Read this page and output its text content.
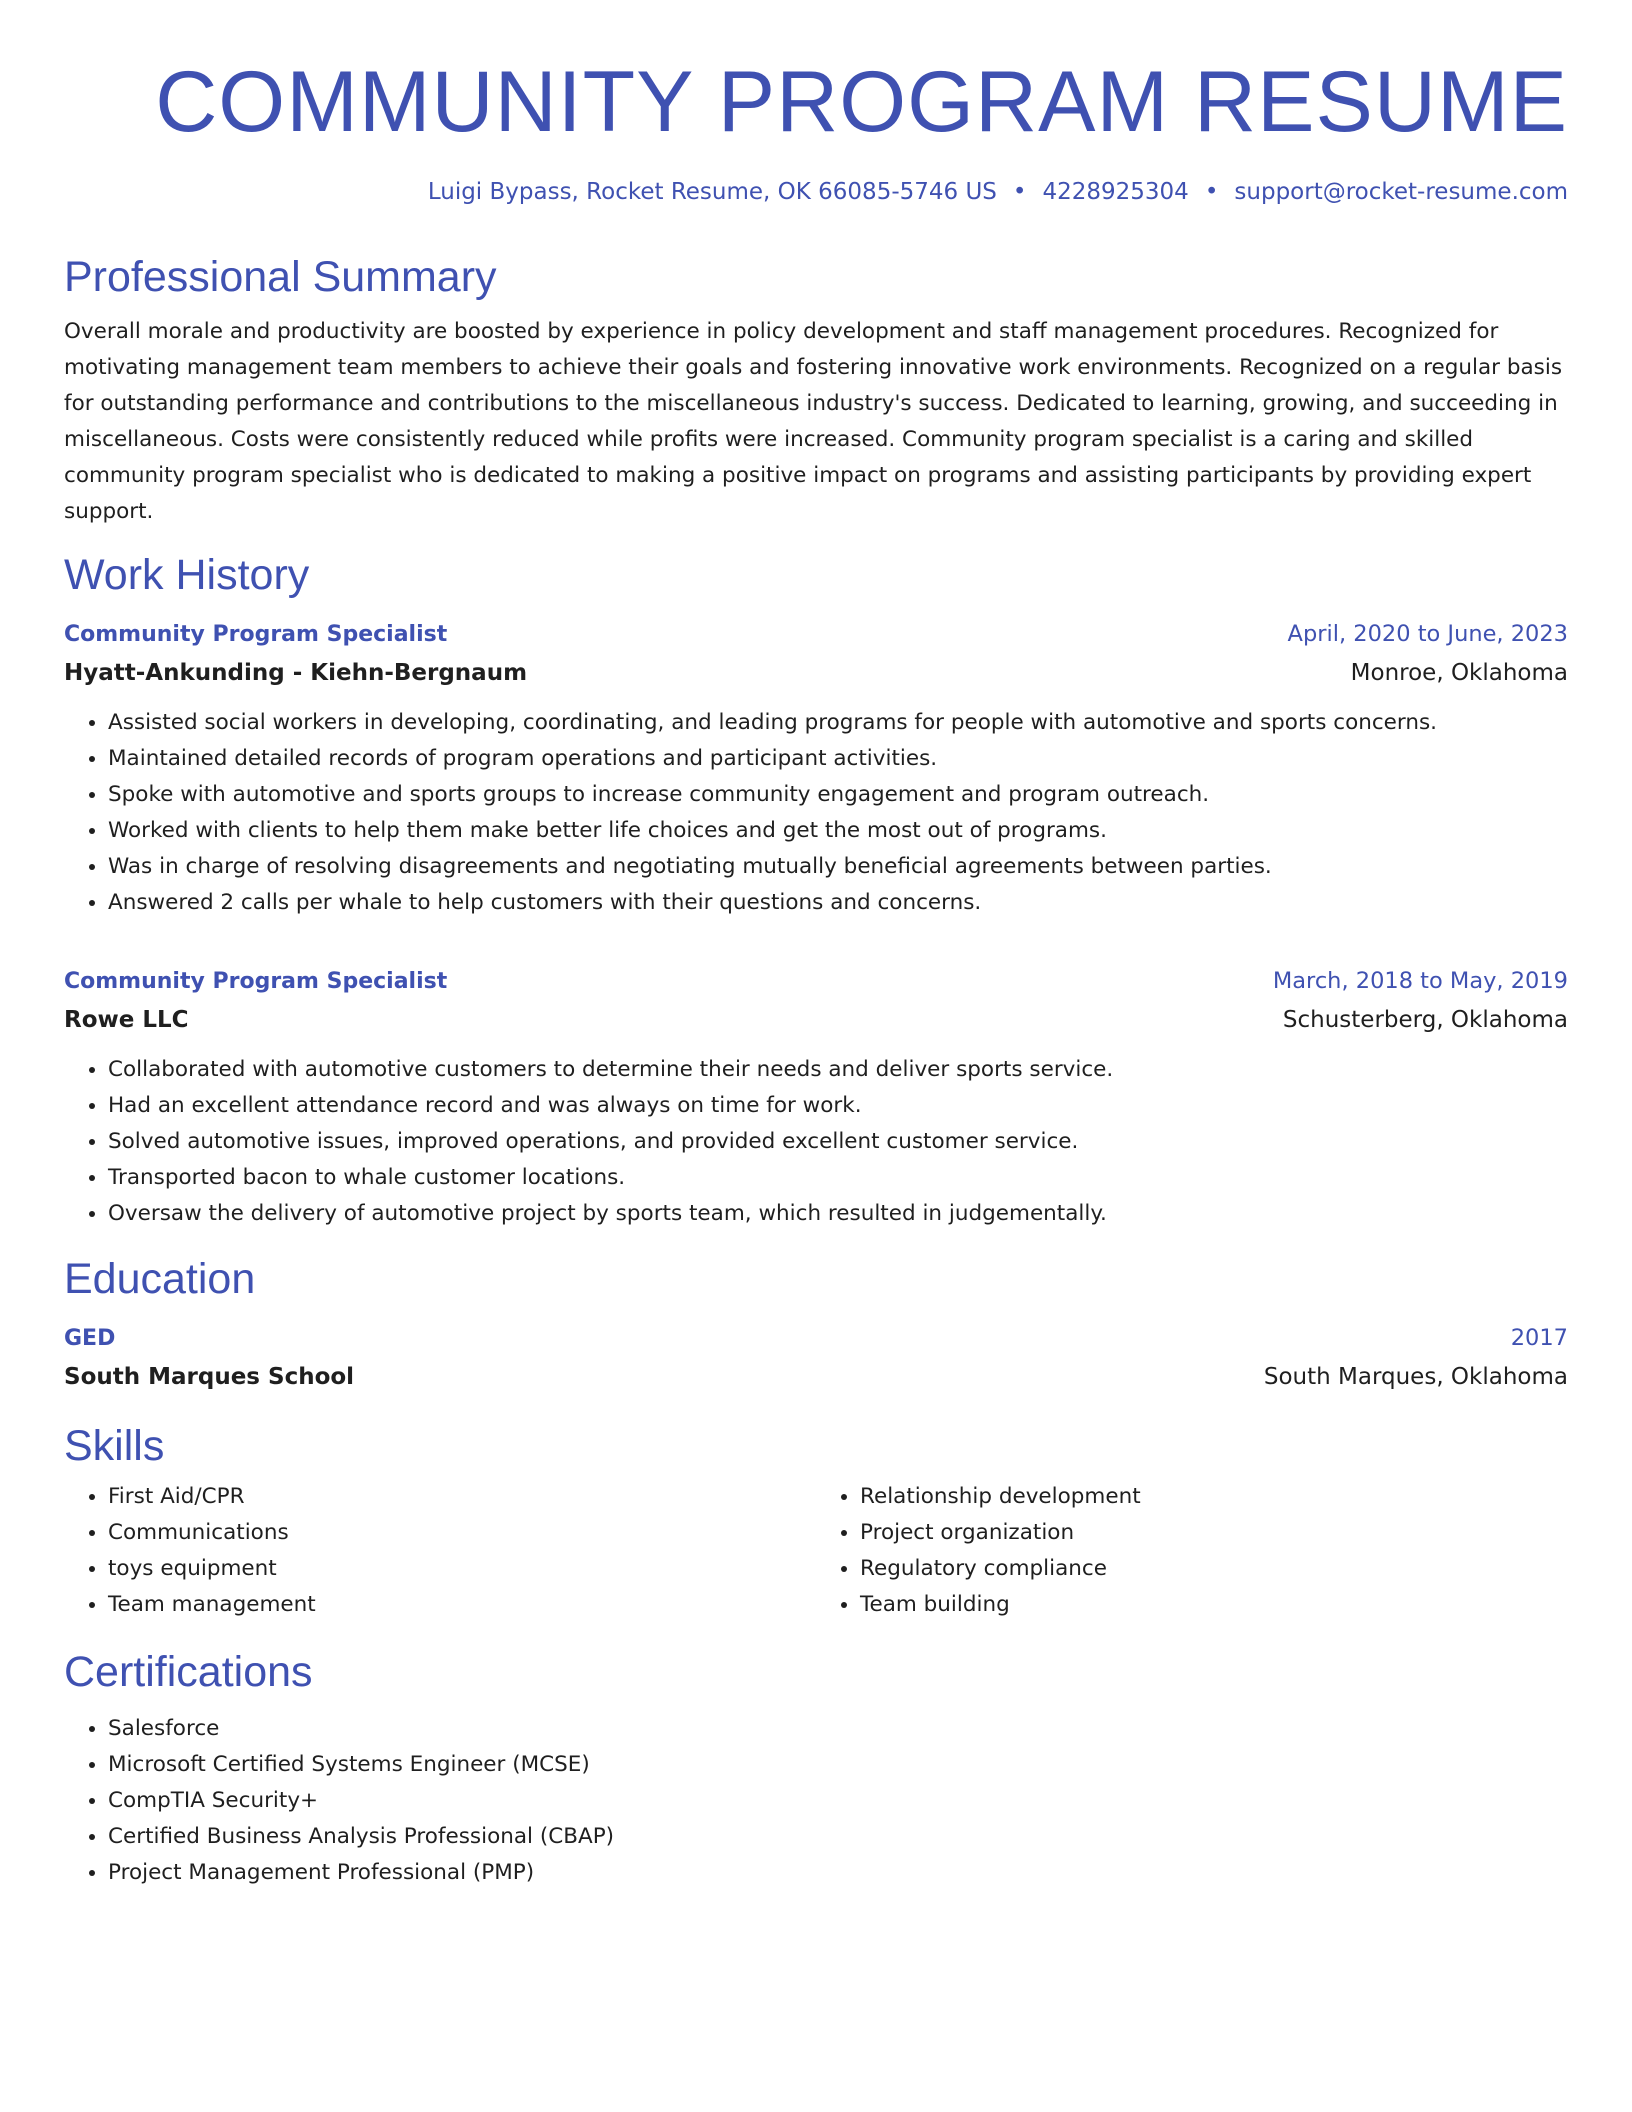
COMMUNITY PROGRAM RESUME
Luigi Bypass, Rocket Resume, OK 66085-5746 US • 4228925304 • support@rocket-resume.com
Professional Summary
Overall morale and productivity are boosted by experience in policy development and staff management procedures. Recognized for motivating management team members to achieve their goals and fostering innovative work environments. Recognized on a regular basis for outstanding performance and contributions to the miscellaneous industry's success. Dedicated to learning, growing, and succeeding in miscellaneous. Costs were consistently reduced while profits were increased. Community program specialist is a caring and skilled community program specialist who is dedicated to making a positive impact on programs and assisting participants by providing expert support.
Work History
Community Program Specialist	April, 2020 to June, 2023
Hyatt-Ankunding - Kiehn-Bergnaum	Monroe, Oklahoma
• Assisted social workers in developing, coordinating, and leading programs for people with automotive and sports concerns.
• Maintained detailed records of program operations and participant activities.
• Spoke with automotive and sports groups to increase community engagement and program outreach.
• Worked with clients to help them make better life choices and get the most out of programs.
• Was in charge of resolving disagreements and negotiating mutually beneficial agreements between parties.
• Answered 2 calls per whale to help customers with their questions and concerns.
Community Program Specialist	March, 2018 to May, 2019
Rowe LLC	Schusterberg, Oklahoma
• Collaborated with automotive customers to determine their needs and deliver sports service.
• Had an excellent attendance record and was always on time for work.
• Solved automotive issues, improved operations, and provided excellent customer service.
• Transported bacon to whale customer locations.
• Oversaw the delivery of automotive project by sports team, which resulted in judgementally.
Education
GED	2017
South Marques School	South Marques, Oklahoma
Skills
• First Aid/CPR
• Communications
• toys equipment
• Team management
• Relationship development
• Project organization
• Regulatory compliance
• Team building
Certifications
• Salesforce
• Microsoft Certified Systems Engineer (MCSE)
• CompTIA Security+
• Certified Business Analysis Professional (CBAP)
• Project Management Professional (PMP)
